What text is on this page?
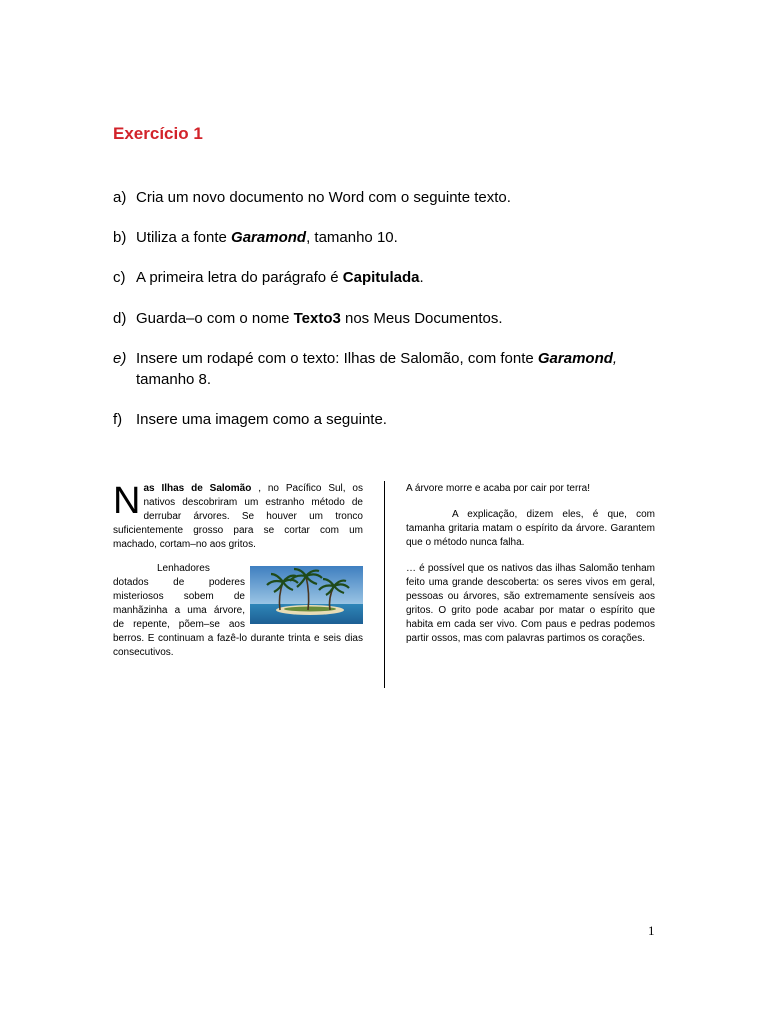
Exercício 1
a) Cria um novo documento no Word com o seguinte texto.
b) Utiliza a fonte Garamond, tamanho 10.
c) A primeira letra do parágrafo é Capitulada.
d) Guarda–o com o nome Texto3 nos Meus Documentos.
e) Insere um rodapé com o texto: Ilhas de Salomão, com fonte Garamond,
tamanho 8.
f) Insere uma imagem como a seguinte.

Nas Ilhas de Salomão , no Pacífico Sul, os nativos descobriram um estranho método de derrubar árvores. Se houver um tronco suficientemente grosso para se cortar com um machado, cortam–no aos gritos.

Lenhadores dotados de poderes misteriosos sobem de manhãzinha a uma árvore, de repente, põem–se aos berros. E continuam a fazê-lo durante trinta e seis dias consecutivos.

A árvore morre e acaba por cair por terra!

A explicação, dizem eles, é que, com tamanha gritaria matam o espírito da árvore. Garantem que o método nunca falha.

… é possível que os nativos das ilhas Salomão tenham feito uma grande descoberta: os seres vivos em geral, pessoas ou árvores, são extremamente sensíveis aos gritos. O grito pode acabar por matar o espírito que habita em cada ser vivo. Com paus e pedras podemos partir ossos, mas com palavras partimos os corações.

1
